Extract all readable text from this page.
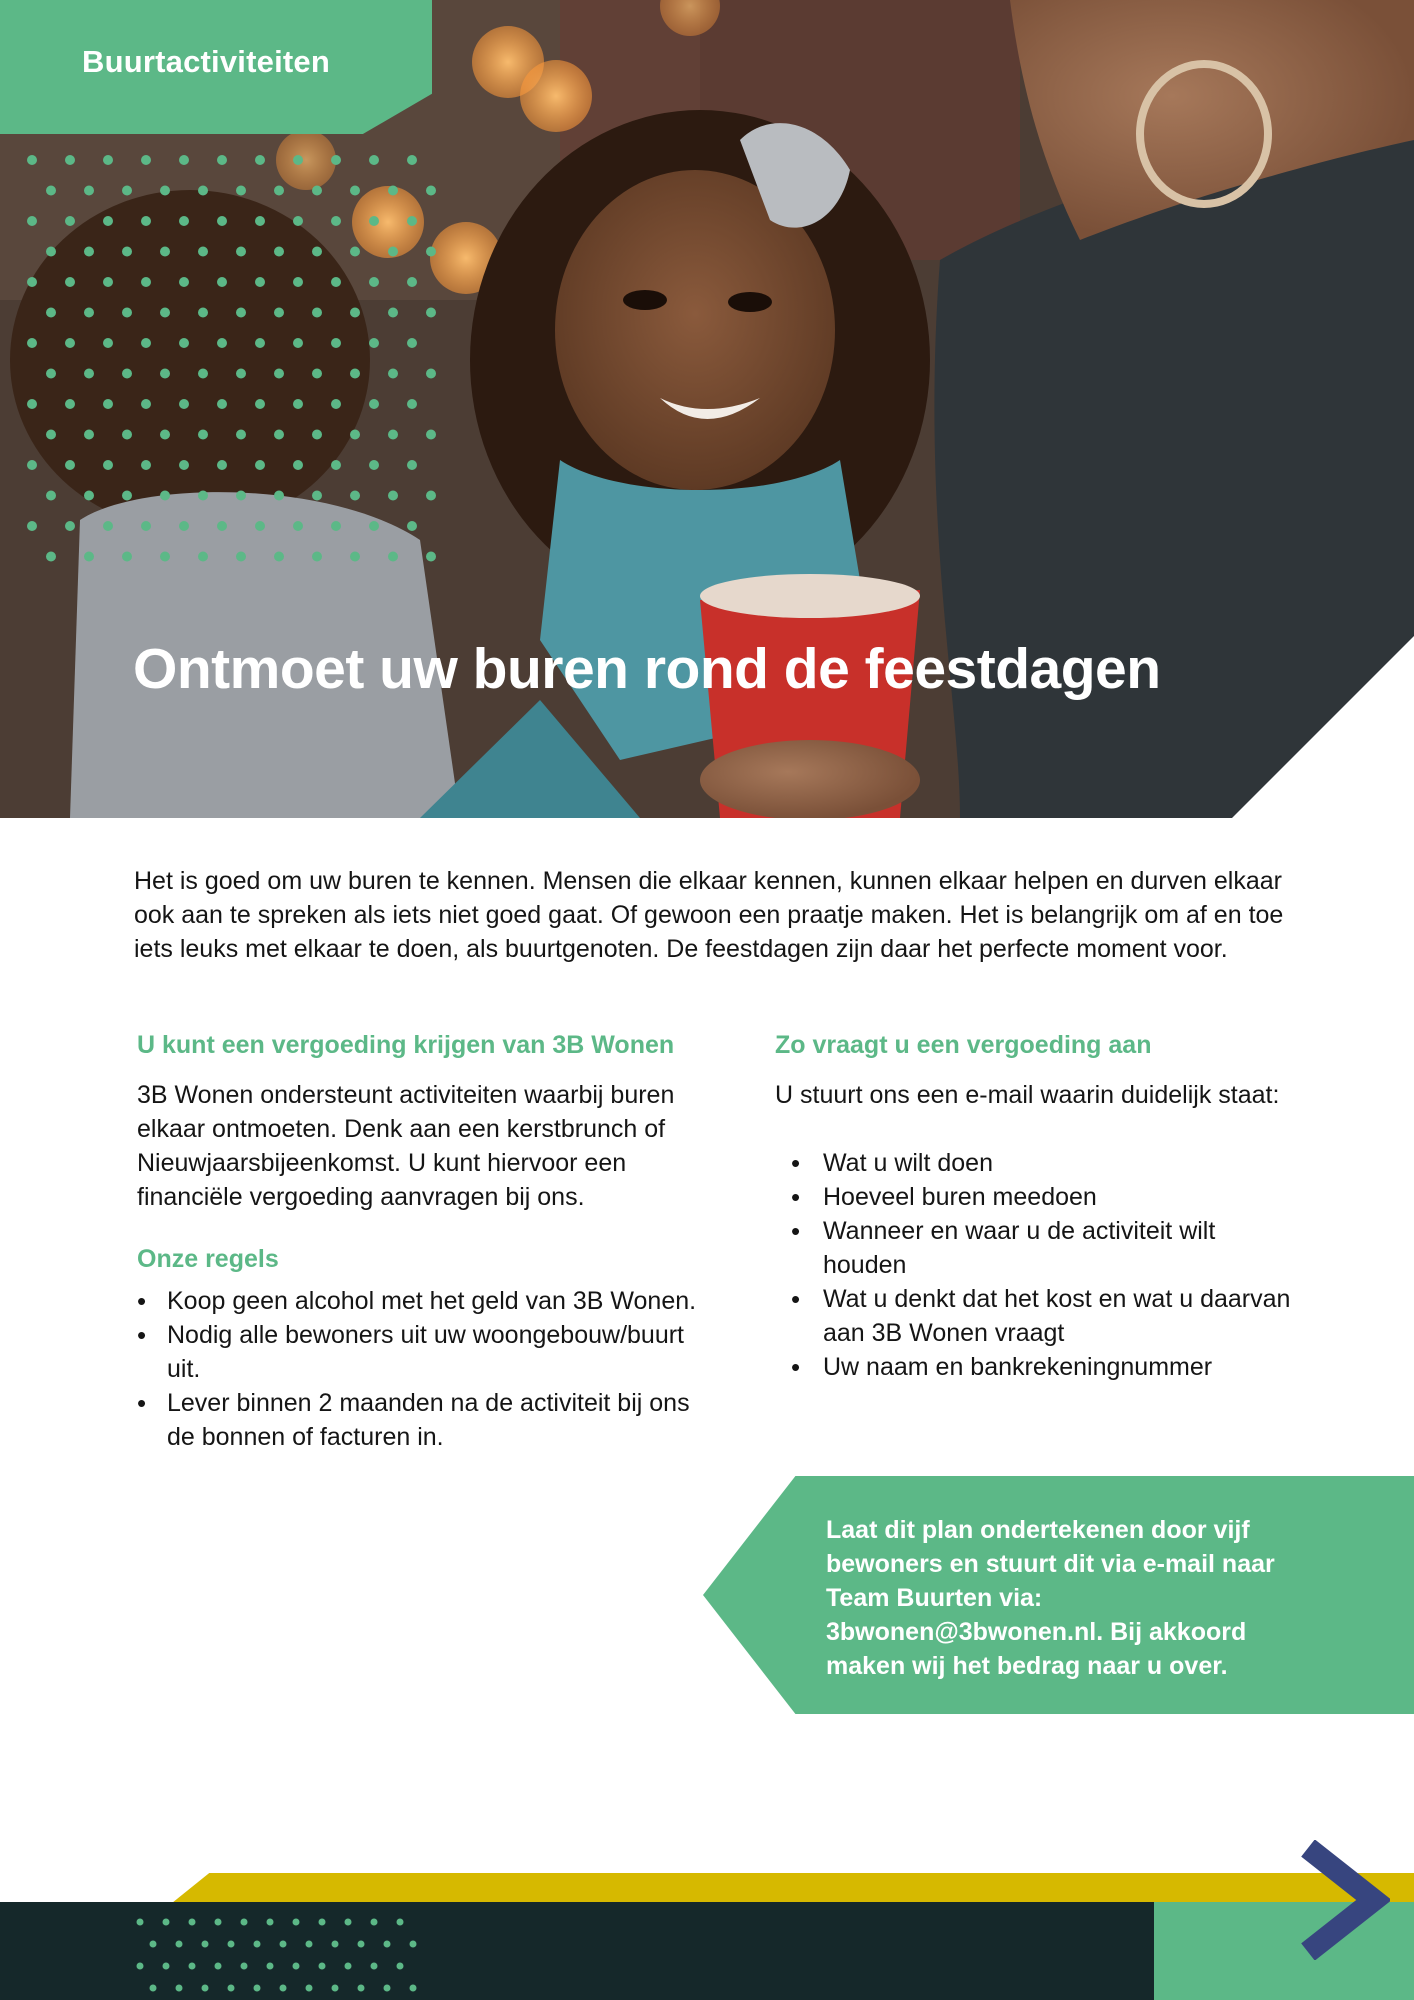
Buurtactiviteiten
Ontmoet uw buren rond de feestdagen

Het is goed om uw buren te kennen. Mensen die elkaar kennen, kunnen elkaar helpen en durven elkaar ook aan te spreken als iets niet goed gaat. Of gewoon een praatje maken. Het is belangrijk om af en toe iets leuks met elkaar te doen, als buurtgenoten. De feestdagen zijn daar het perfecte moment voor.

U kunt een vergoeding krijgen van 3B Wonen

3B Wonen ondersteunt activiteiten waarbij buren elkaar ontmoeten. Denk aan een kerstbrunch of Nieuwjaarsbijeenkomst. U kunt hiervoor een financiële vergoeding aanvragen bij ons.

Onze regels
• Koop geen alcohol met het geld van 3B Wonen.
• Nodig alle bewoners uit uw woongebouw/buurt uit.
• Lever binnen 2 maanden na de activiteit bij ons de bonnen of facturen in.
Zo vraagt u een vergoeding aan

U stuurt ons een e-mail waarin duidelijk staat:

• Wat u wilt doen
• Hoeveel buren meedoen
• Wanneer en waar u de activiteit wilt houden
• Wat u denkt dat het kost en wat u daarvan aan 3B Wonen vraagt
• Uw naam en bankrekeningnummer

Laat dit plan ondertekenen door vijf bewoners en stuurt dit via e-mail naar Team Buurten via: 3bwonen@3bwonen.nl. Bij akkoord maken wij het bedrag naar u over.
